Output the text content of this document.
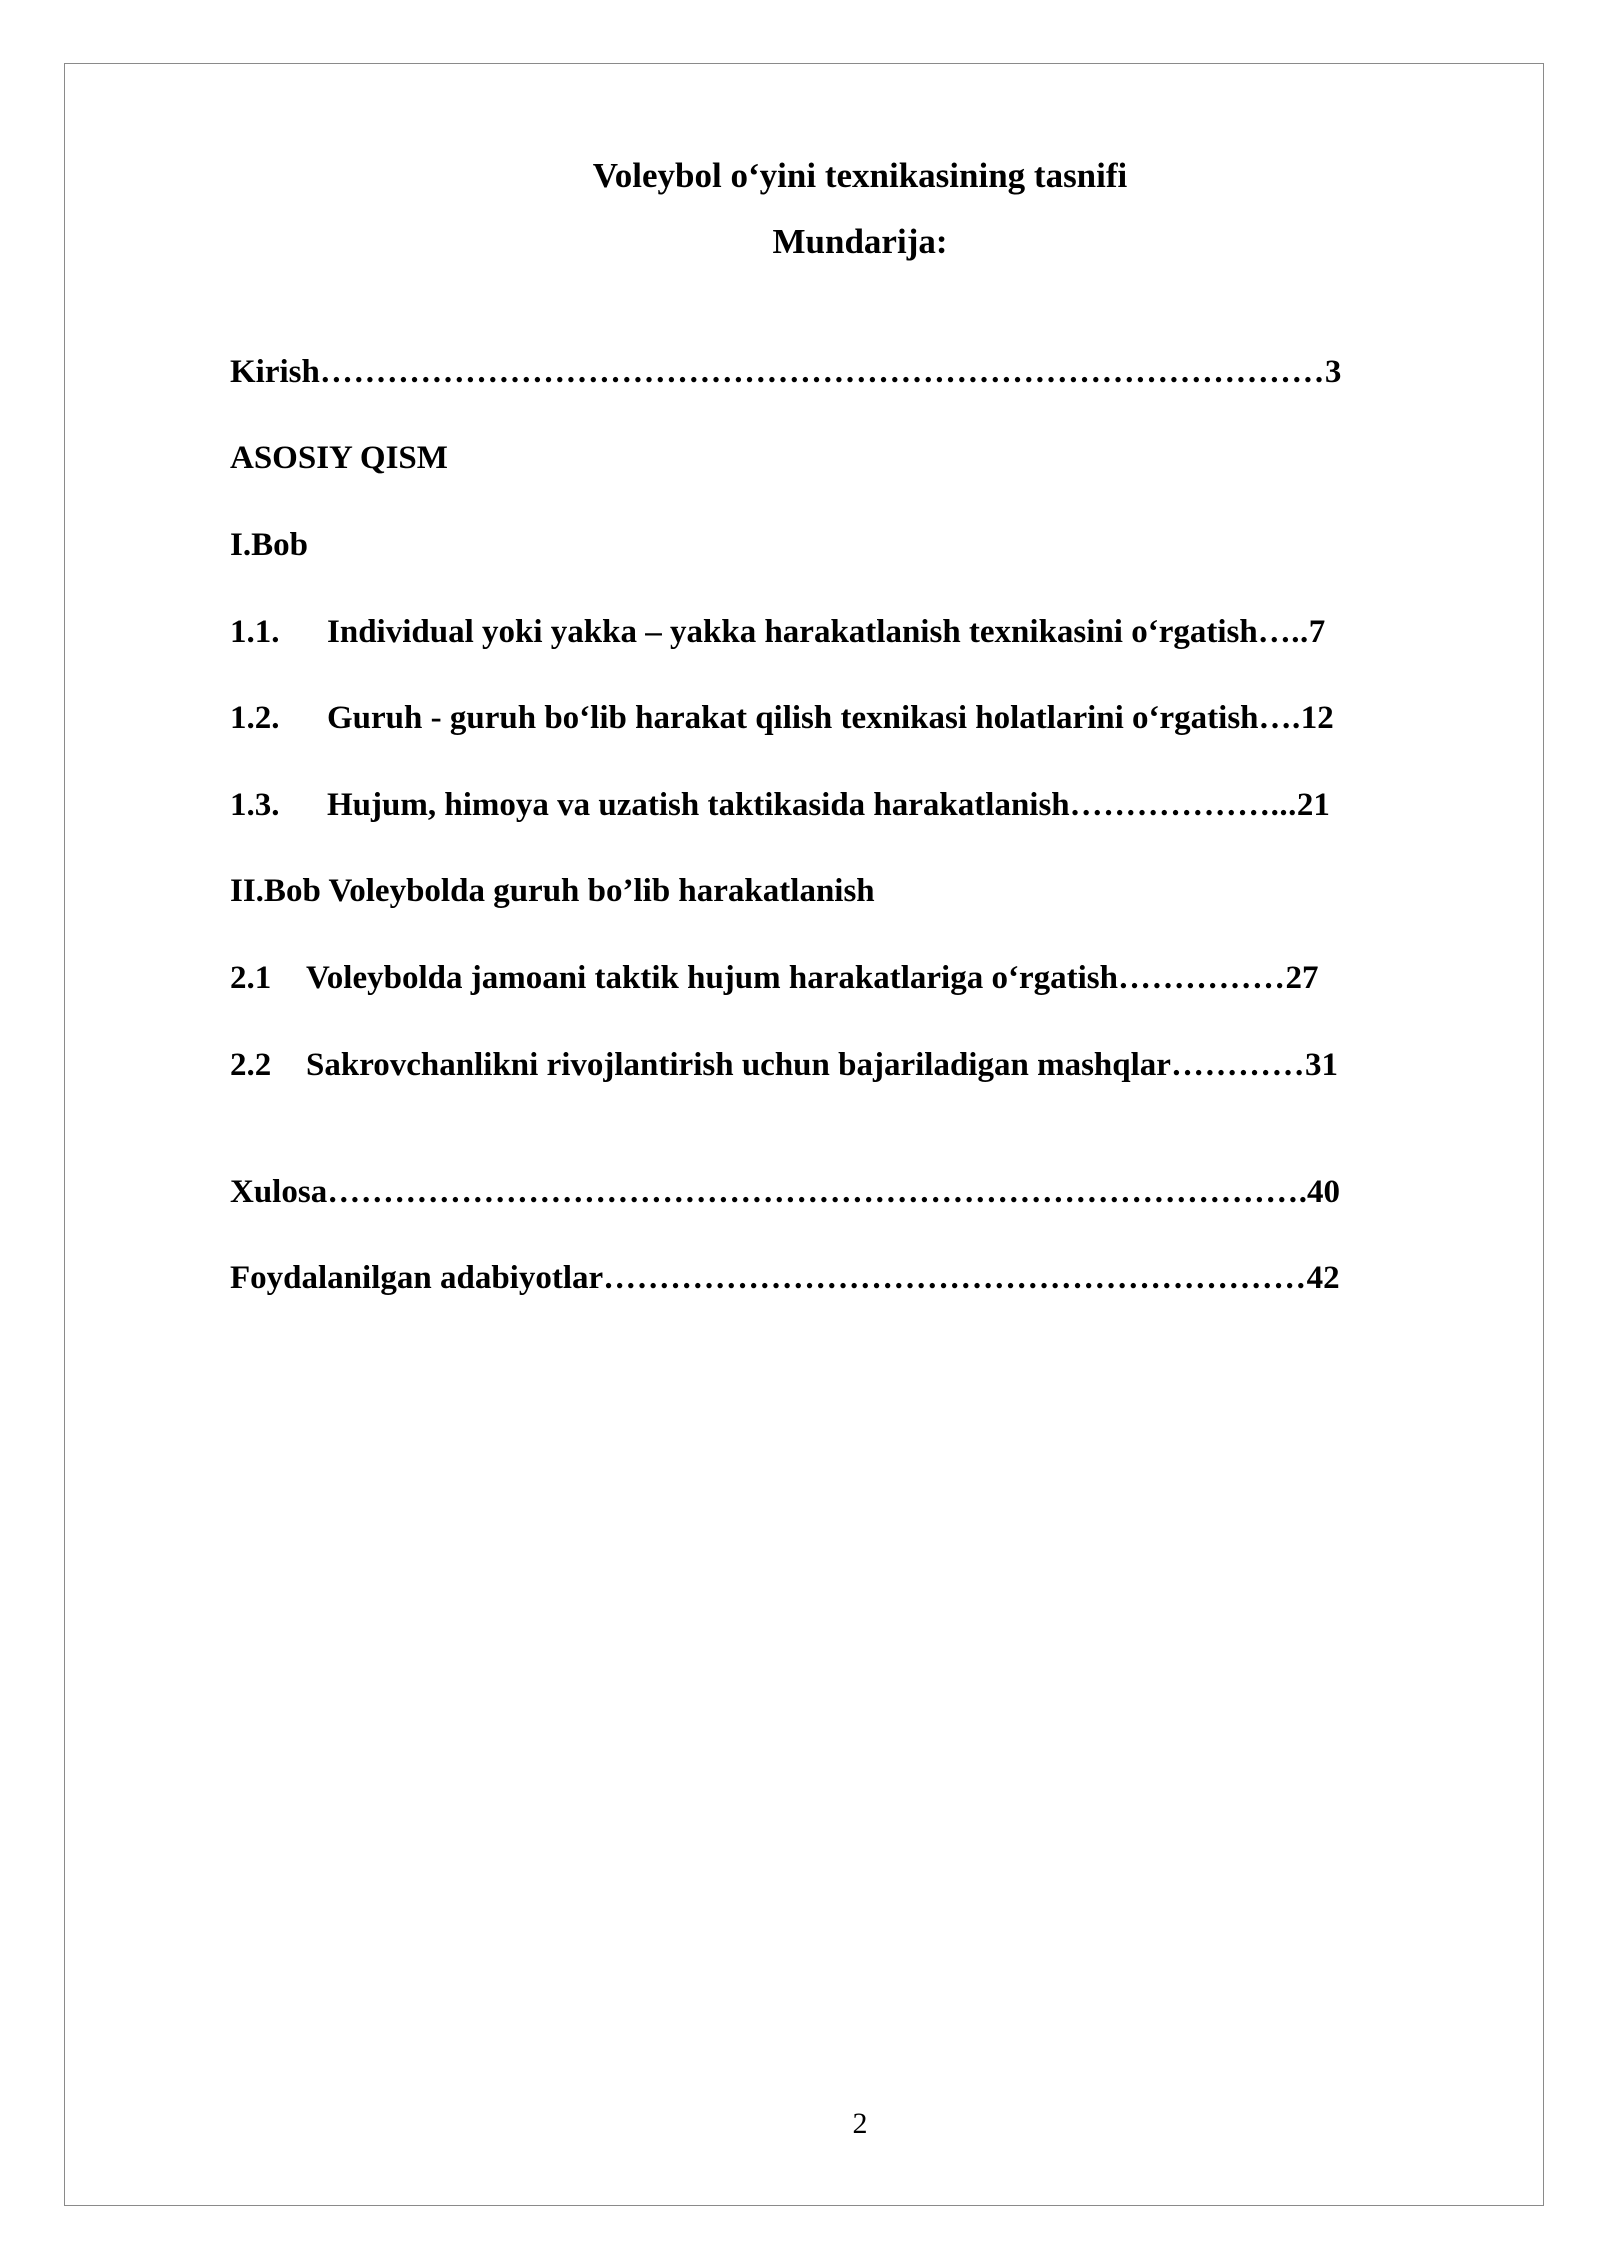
Voleybol o‘yini texnikasining tasnifi
Mundarija:
Kirish………………………………………………………………………………3
ASOSIY QISM
I.Bob
1.1. Individual yoki yakka – yakka harakatlanish texnikasini o‘rgatish…..7
1.2. Guruh - guruh bo‘lib harakat qilish texnikasi holatlarini o‘rgatish….12
1.3. Hujum, himoya va uzatish taktikasida harakatlanish………………...21
II.Bob Voleybolda guruh bo’lib harakatlanish
2.1 Voleybolda jamoani taktik hujum harakatlariga o‘rgatish……………27
2.2 Sakrovchanlikni rivojlantirish uchun bajariladigan mashqlar…………31
Xulosa…………………………………………………………………………….40
Foydalanilgan adabiyotlar………………………………………………………42
2
